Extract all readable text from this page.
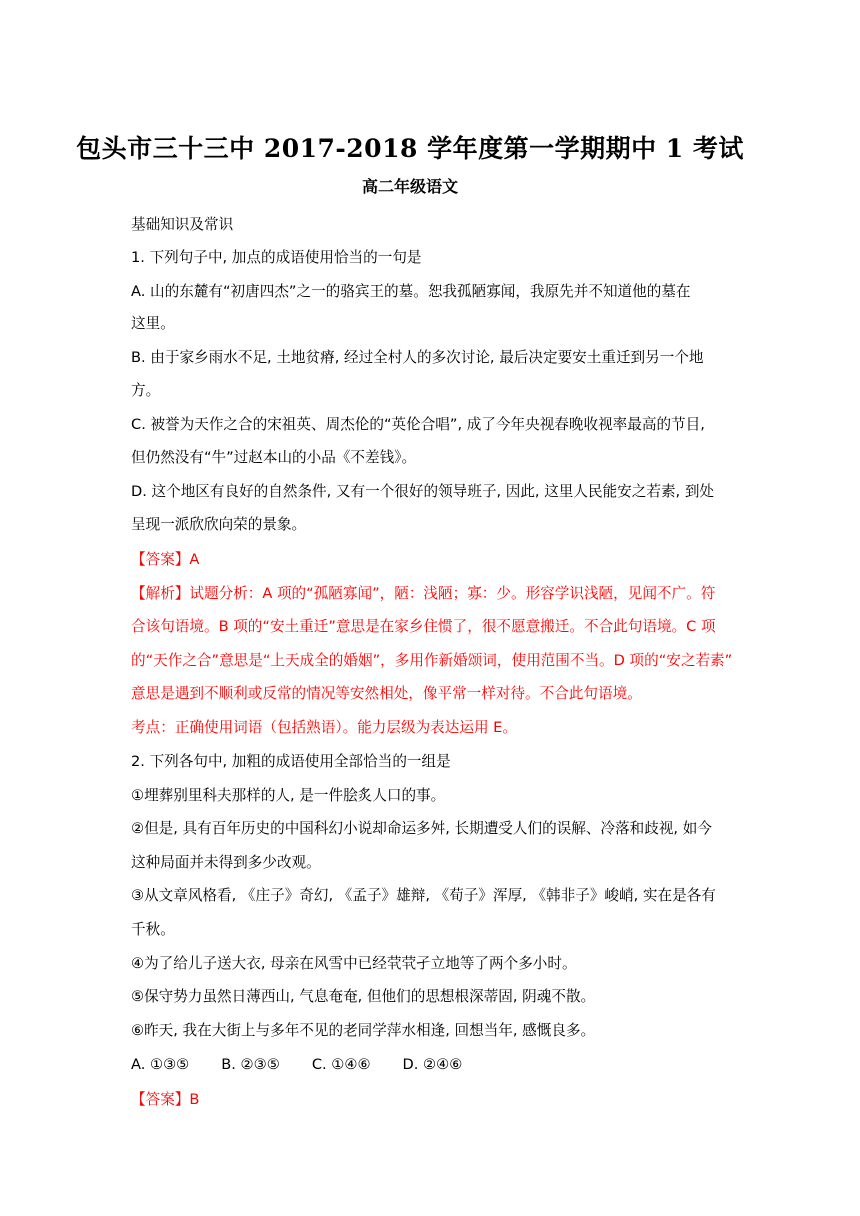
包头市三十三中 2017-2018 学年度第一学期期中 1 考试
高二年级语文
基础知识及常识
1. 下列句子中, 加点的成语使用恰当的一句是
A. 山的东麓有“初唐四杰”之一的骆宾王的墓。恕我孤陋寡闻，我原先并不知道他的墓在
这里。
B. 由于家乡雨水不足, 土地贫瘠, 经过全村人的多次讨论, 最后决定要安土重迁到另一个地
方。
C. 被誉为天作之合的宋祖英、周杰伦的“英伦合唱”, 成了今年央视春晚收视率最高的节目,
但仍然没有“牛”过赵本山的小品《不差钱》。
D. 这个地区有良好的自然条件, 又有一个很好的领导班子, 因此, 这里人民能安之若素, 到处
呈现一派欣欣向荣的景象。
【答案】A
【解析】试题分析：A 项的“孤陋寡闻”，陋：浅陋；寡：少。形容学识浅陋，见闻不广。符
合该句语境。B 项的“安土重迁”意思是在家乡住惯了，很不愿意搬迁。不合此句语境。C 项
的“天作之合”意思是“上天成全的婚姻”，多用作新婚颂词，使用范围不当。D 项的“安之若素”
意思是遇到不顺利或反常的情况等安然相处，像平常一样对待。不合此句语境。
考点：正确使用词语（包括熟语）。能力层级为表达运用 E。
2. 下列各句中, 加粗的成语使用全部恰当的一组是
①埋葬别里科夫那样的人, 是一件脍炙人口的事。
②但是, 具有百年历史的中国科幻小说却命运多舛, 长期遭受人们的误解、冷落和歧视, 如今
这种局面并未得到多少改观。
③从文章风格看, 《庄子》奇幻, 《孟子》雄辩, 《荀子》浑厚, 《韩非子》峻峭, 实在是各有
千秋。
④为了给儿子送大衣, 母亲在风雪中已经茕茕孑立地等了两个多小时。
⑤保守势力虽然日薄西山, 气息奄奄, 但他们的思想根深蒂固, 阴魂不散。
⑥昨天, 我在大街上与多年不见的老同学萍水相逢, 回想当年, 感慨良多。
A. ①③⑤ B. ②③⑤ C. ①④⑥ D. ②④⑥
【答案】B
